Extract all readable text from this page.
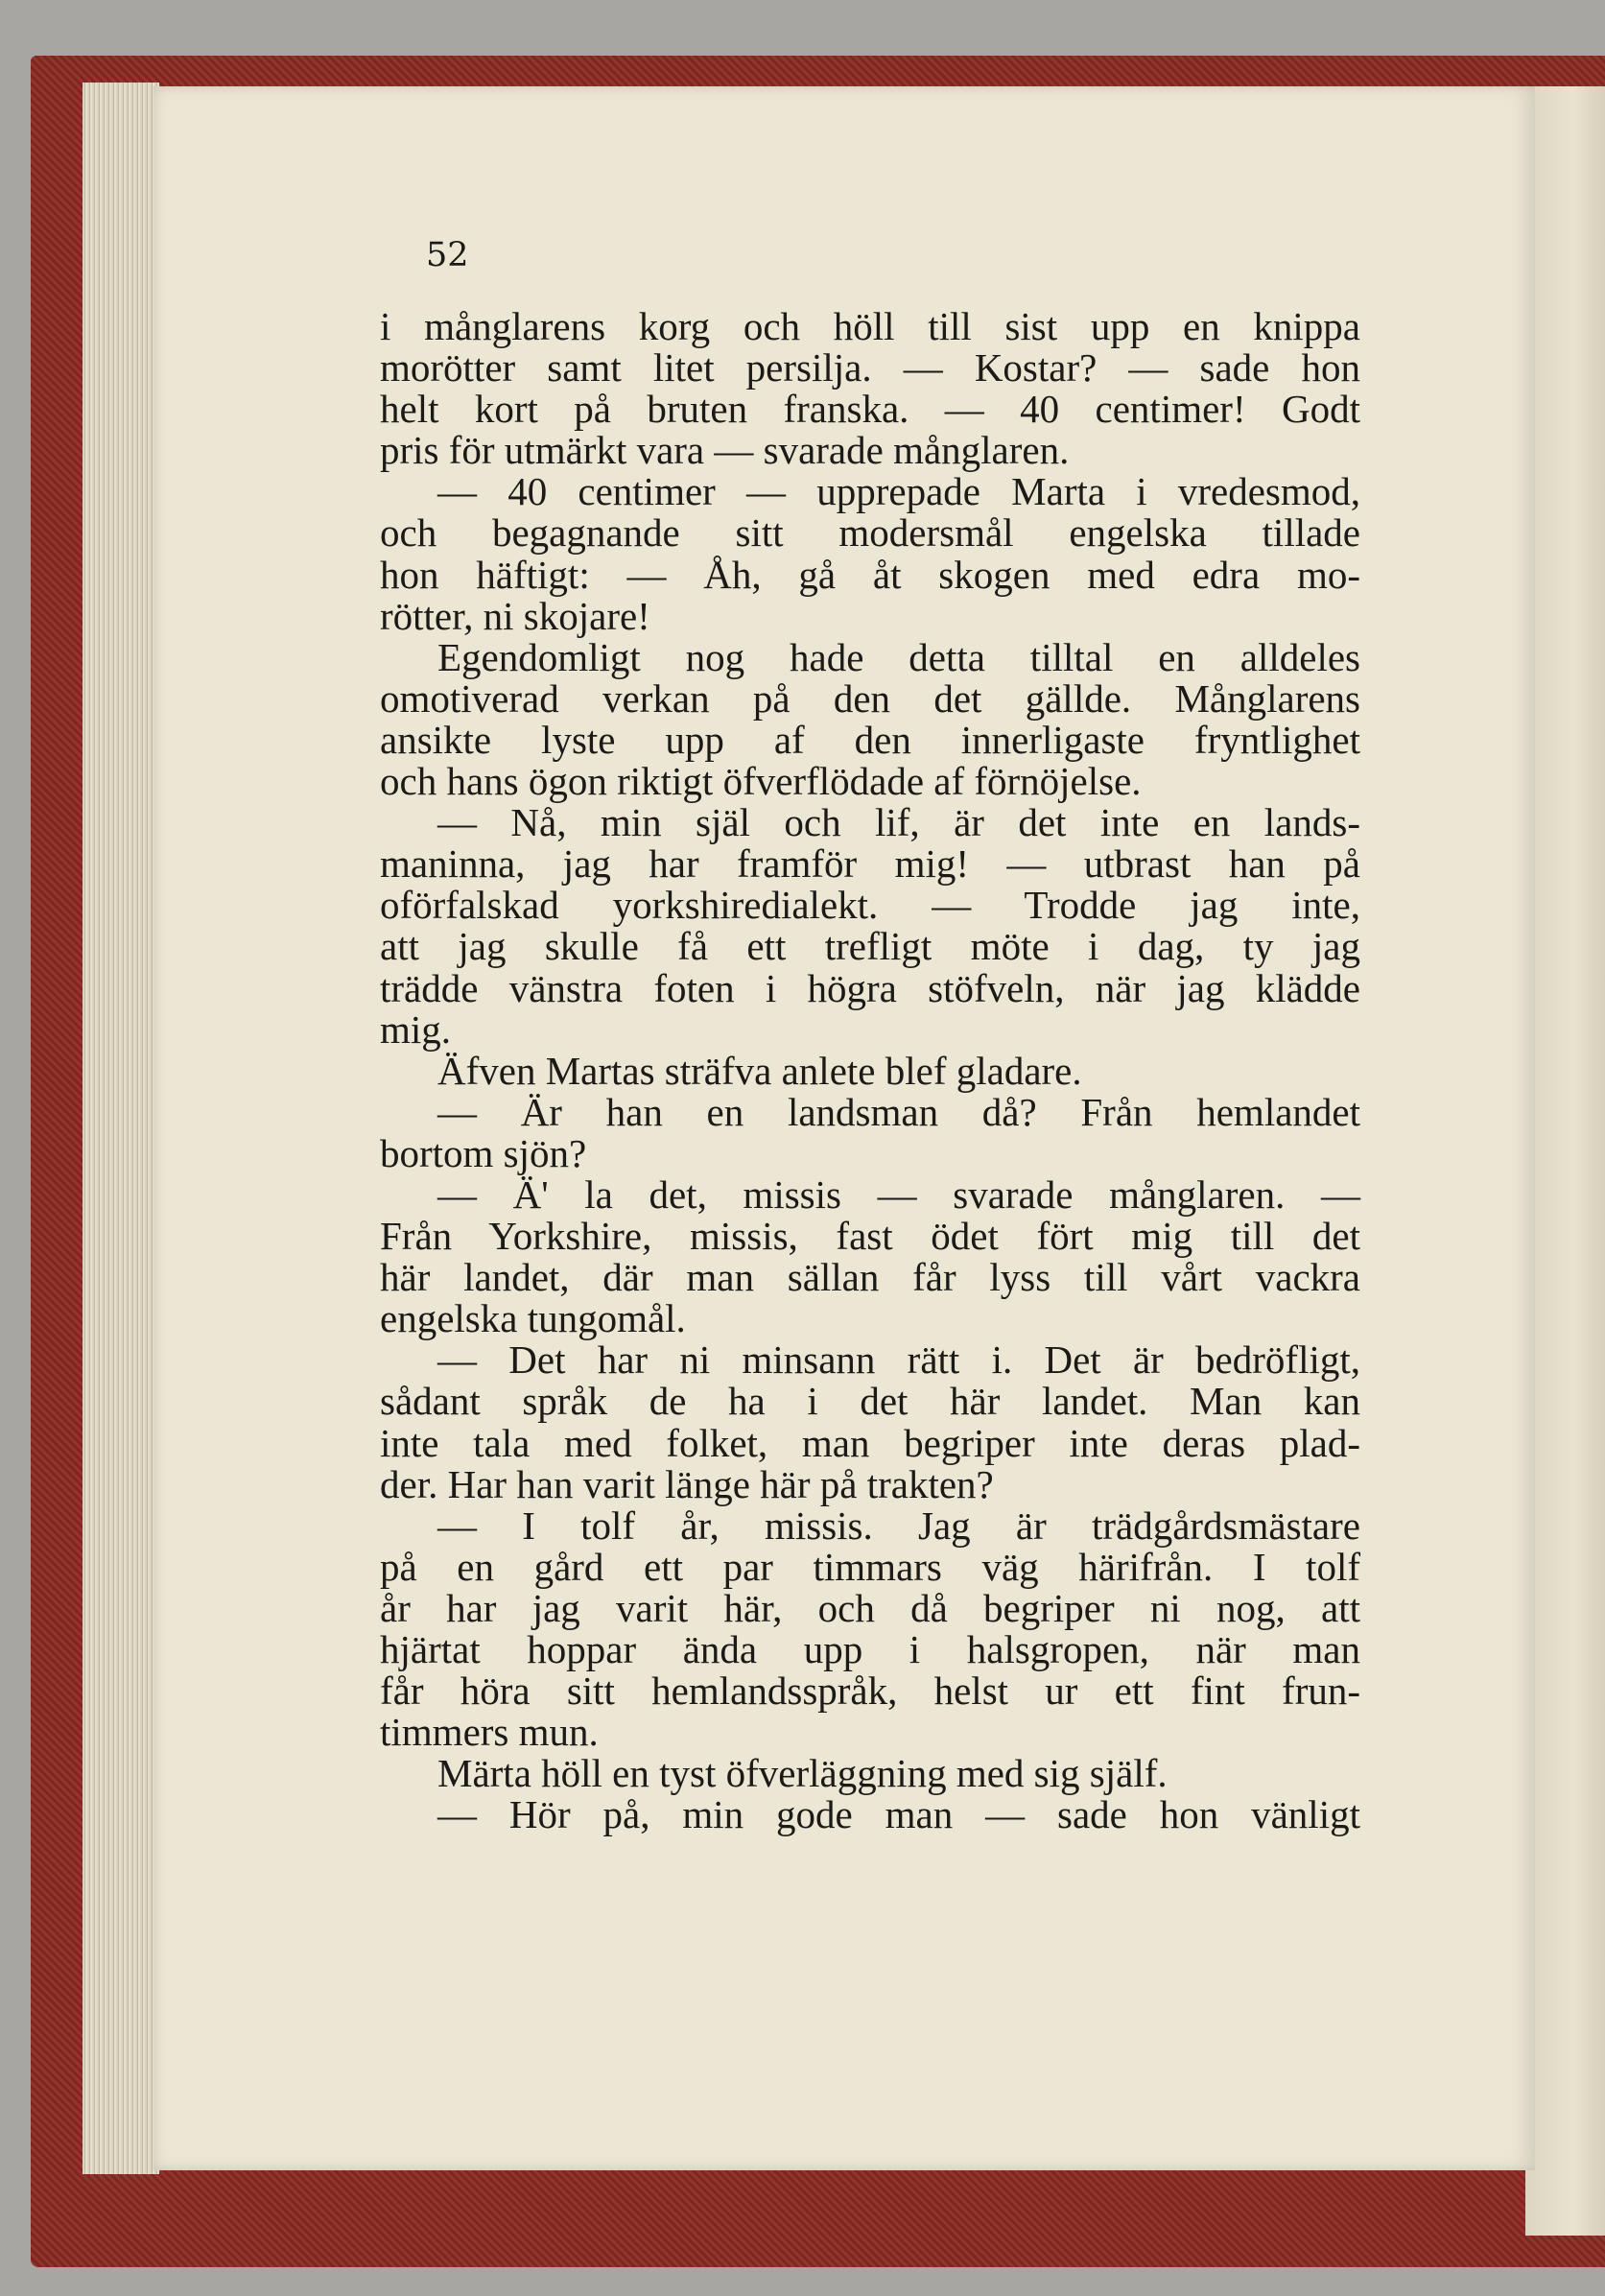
52

i månglarens korg och höll till sist upp en knippa
morötter samt litet persilja. — Kostar? — sade hon
helt kort på bruten franska. — 40 centimer! Godt
pris för utmärkt vara — svarade månglaren.
— 40 centimer — upprepade Marta i vredesmod,
och begagnande sitt modersmål engelska tillade
hon häftigt: — Åh, gå åt skogen med edra mo-
rötter, ni skojare!
Egendomligt nog hade detta tilltal en alldeles
omotiverad verkan på den det gällde. Månglarens
ansikte lyste upp af den innerligaste fryntlighet
och hans ögon riktigt öfverflödade af förnöjelse.
— Nå, min själ och lif, är det inte en lands-
maninna, jag har framför mig! — utbrast han på
oförfalskad yorkshiredialekt. — Trodde jag inte,
att jag skulle få ett trefligt möte i dag, ty jag
trädde vänstra foten i högra stöfveln, när jag klädde
mig.
Äfven Martas sträfva anlete blef gladare.
— Är han en landsman då? Från hemlandet
bortom sjön?
— Ä' la det, missis — svarade månglaren. —
Från Yorkshire, missis, fast ödet fört mig till det
här landet, där man sällan får lyss till vårt vackra
engelska tungomål.
— Det har ni minsann rätt i. Det är bedröfligt,
sådant språk de ha i det här landet. Man kan
inte tala med folket, man begriper inte deras plad-
der. Har han varit länge här på trakten?
— I tolf år, missis. Jag är trädgårdsmästare
på en gård ett par timmars väg härifrån. I tolf
år har jag varit här, och då begriper ni nog, att
hjärtat hoppar ända upp i halsgropen, när man
får höra sitt hemlandsspråk, helst ur ett fint frun-
timmers mun.
Märta höll en tyst öfverläggning med sig själf.
— Hör på, min gode man — sade hon vänligt
